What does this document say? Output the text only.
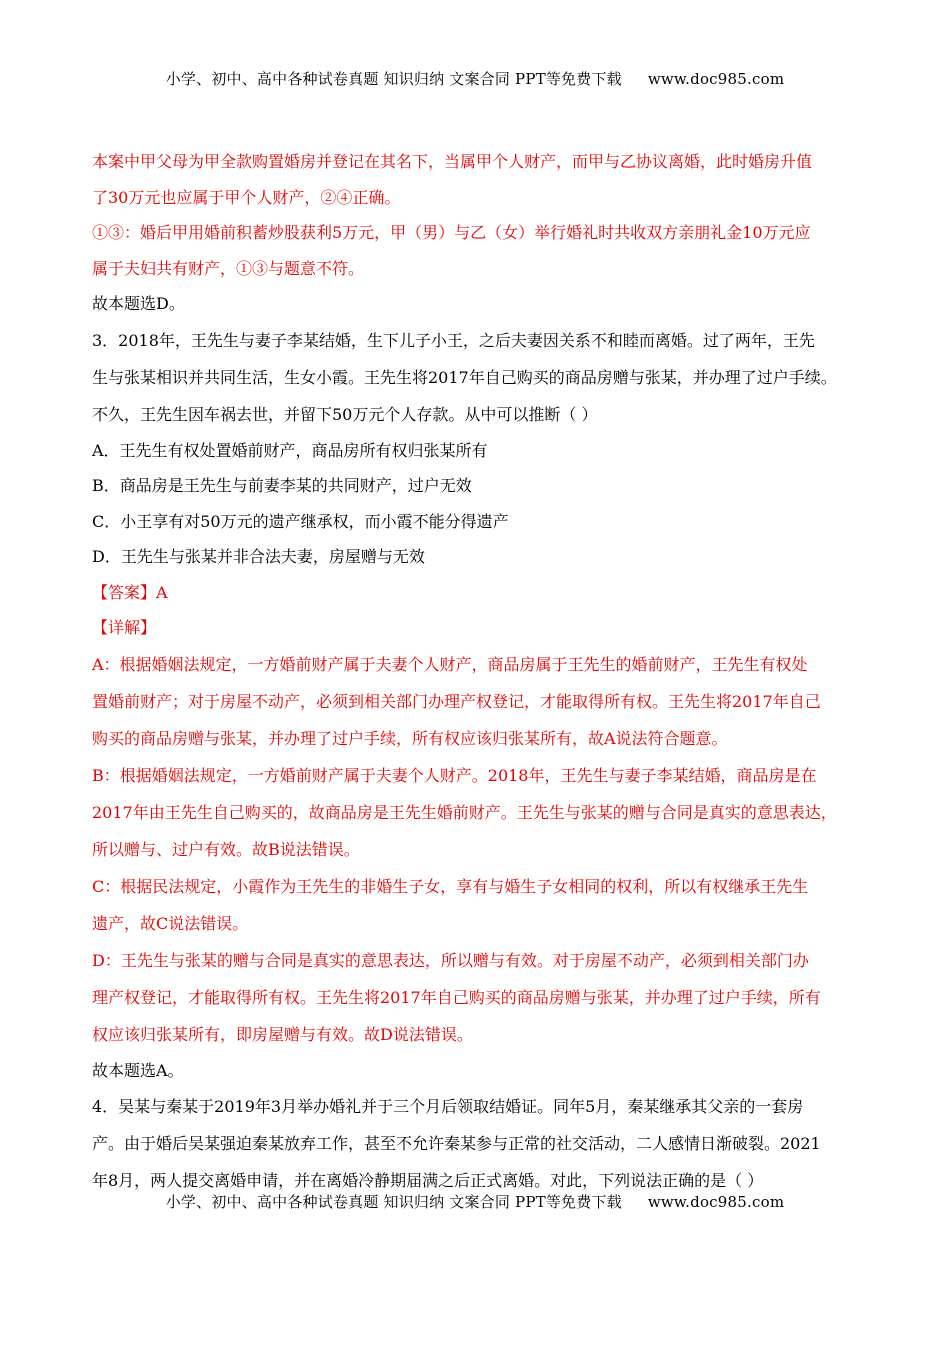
小学、初中、高中各种试卷真题 知识归纳 文案合同 PPT等免费下载 www.doc985.com
本案中甲父母为甲全款购置婚房并登记在其名下，当属甲个人财产，而甲与乙协议离婚，此时婚房升值
了30万元也应属于甲个人财产，②④正确。
①③：婚后甲用婚前积蓄炒股获利5万元，甲（男）与乙（女）举行婚礼时共收双方亲朋礼金10万元应
属于夫妇共有财产，①③与题意不符。
故本题选D。
3．2018年，王先生与妻子李某结婚，生下儿子小王，之后夫妻因关系不和睦而离婚。过了两年，王先
生与张某相识并共同生活，生女小霞。王先生将2017年自己购买的商品房赠与张某，并办理了过户手续。
不久，王先生因车祸去世，并留下50万元个人存款。从中可以推断（ ）
A．王先生有权处置婚前财产，商品房所有权归张某所有
B．商品房是王先生与前妻李某的共同财产，过户无效
C．小王享有对50万元的遗产继承权，而小霞不能分得遗产
D．王先生与张某并非合法夫妻，房屋赠与无效
【答案】A
【详解】
A：根据婚姻法规定，一方婚前财产属于夫妻个人财产，商品房属于王先生的婚前财产，王先生有权处
置婚前财产；对于房屋不动产，必须到相关部门办理产权登记，才能取得所有权。王先生将2017年自己
购买的商品房赠与张某，并办理了过户手续，所有权应该归张某所有，故A说法符合题意。
B：根据婚姻法规定，一方婚前财产属于夫妻个人财产。2018年，王先生与妻子李某结婚，商品房是在
2017年由王先生自己购买的，故商品房是王先生婚前财产。王先生与张某的赠与合同是真实的意思表达，
所以赠与、过户有效。故B说法错误。
C：根据民法规定，小霞作为王先生的非婚生子女，享有与婚生子女相同的权利，所以有权继承王先生
遗产，故C说法错误。
D：王先生与张某的赠与合同是真实的意思表达，所以赠与有效。对于房屋不动产，必须到相关部门办
理产权登记，才能取得所有权。王先生将2017年自己购买的商品房赠与张某，并办理了过户手续，所有
权应该归张某所有，即房屋赠与有效。故D说法错误。
故本题选A。
4．吴某与秦某于2019年3月举办婚礼并于三个月后领取结婚证。同年5月，秦某继承其父亲的一套房
产。由于婚后吴某强迫秦某放弃工作，甚至不允许秦某参与正常的社交活动，二人感情日渐破裂。2021
年8月，两人提交离婚申请，并在离婚冷静期届满之后正式离婚。对此，下列说法正确的是（ ）
小学、初中、高中各种试卷真题 知识归纳 文案合同 PPT等免费下载 www.doc985.com
